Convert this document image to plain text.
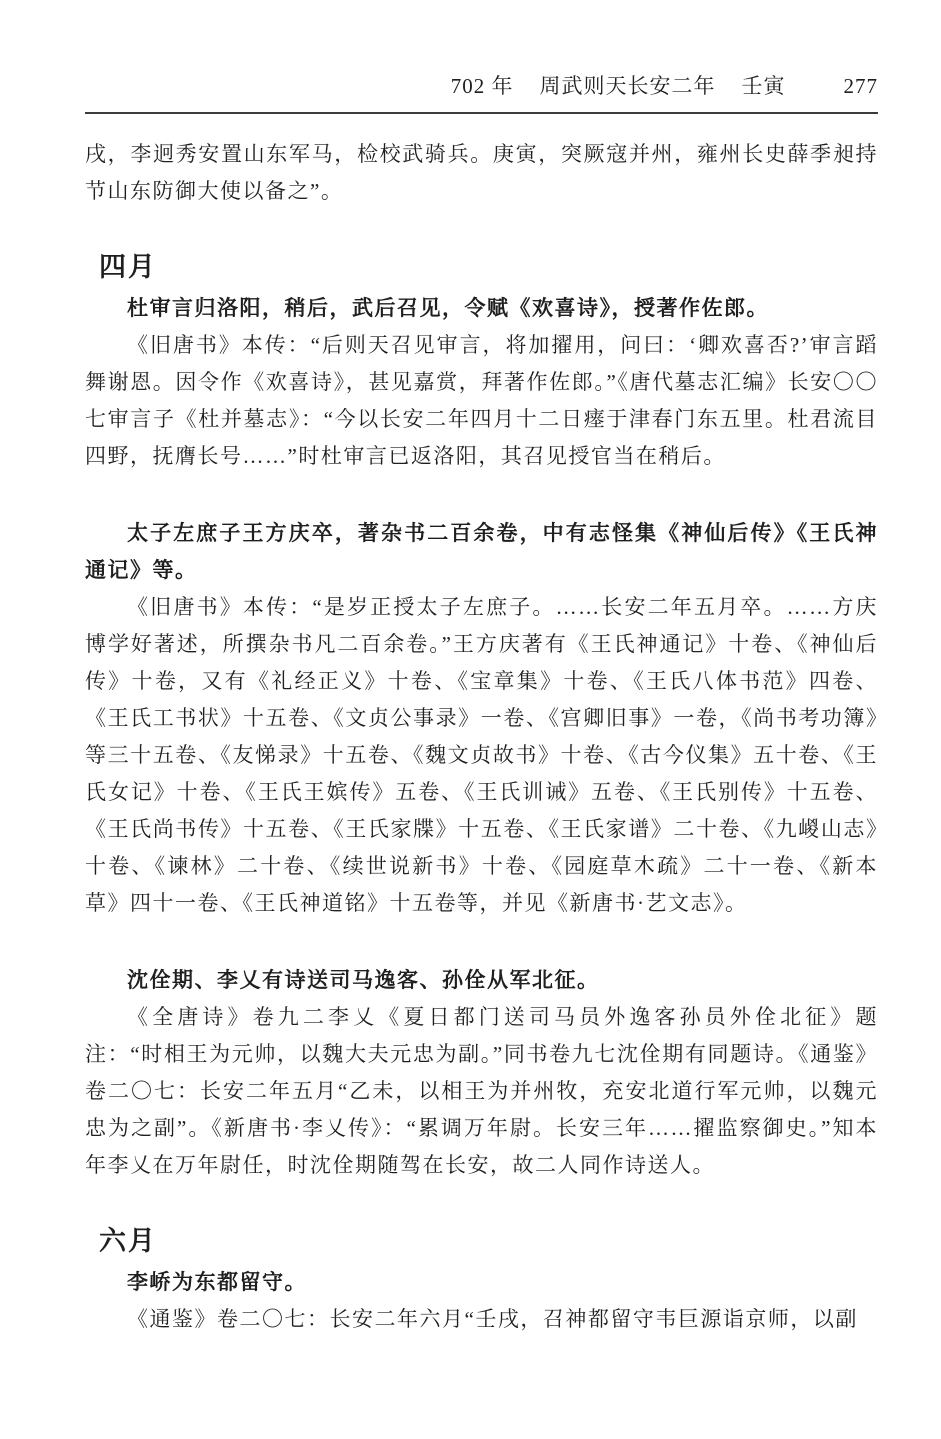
702 年 周武则天长安二年 壬寅	277
戌，李迥秀安置山东军马，检校武骑兵。庚寅，突厥寇并州，雍州长史薛季昶持节山东防御大使以备之”。
四月
杜审言归洛阳，稍后，武后召见，令赋《欢喜诗》，授著作佐郎。
《旧唐书》本传：“后则天召见审言，将加擢用，问曰：‘卿欢喜否?’审言蹈舞谢恩。因令作《欢喜诗》，甚见嘉赏，拜著作佐郎。”《唐代墓志汇编》长安〇〇七审言子《杜并墓志》：“今以长安二年四月十二日瘗于津春门东五里。杜君流目四野，抚膺长号……”时杜审言已返洛阳，其召见授官当在稍后。
太子左庶子王方庆卒，著杂书二百余卷，中有志怪集《神仙后传》《王氏神通记》等。
《旧唐书》本传：“是岁正授太子左庶子。……长安二年五月卒。……方庆博学好著述，所撰杂书凡二百余卷。”王方庆著有《王氏神通记》十卷、《神仙后传》十卷，又有《礼经正义》十卷、《宝章集》十卷、《王氏八体书范》四卷、《王氏工书状》十五卷、《文贞公事录》一卷、《宫卿旧事》一卷，《尚书考功簿》等三十五卷、《友悌录》十五卷、《魏文贞故书》十卷、《古今仪集》五十卷、《王氏女记》十卷、《王氏王嫔传》五卷、《王氏训诫》五卷、《王氏别传》十五卷、《王氏尚书传》十五卷、《王氏家牒》十五卷、《王氏家谱》二十卷、《九嵕山志》十卷、《谏林》二十卷、《续世说新书》十卷、《园庭草木疏》二十一卷、《新本草》四十一卷、《王氏神道铭》十五卷等，并见《新唐书·艺文志》。
沈佺期、李乂有诗送司马逸客、孙佺从军北征。
《全唐诗》卷九二李乂《夏日都门送司马员外逸客孙员外佺北征》题注：“时相王为元帅，以魏大夫元忠为副。”同书卷九七沈佺期有同题诗。《通鉴》卷二〇七：长安二年五月“乙未，以相王为并州牧，充安北道行军元帅，以魏元忠为之副”。《新唐书·李乂传》：“累调万年尉。长安三年……擢监察御史。”知本年李乂在万年尉任，时沈佺期随驾在长安，故二人同作诗送人。
六月
李峤为东都留守。
《通鉴》卷二〇七：长安二年六月“壬戌，召神都留守韦巨源诣京师，以副
